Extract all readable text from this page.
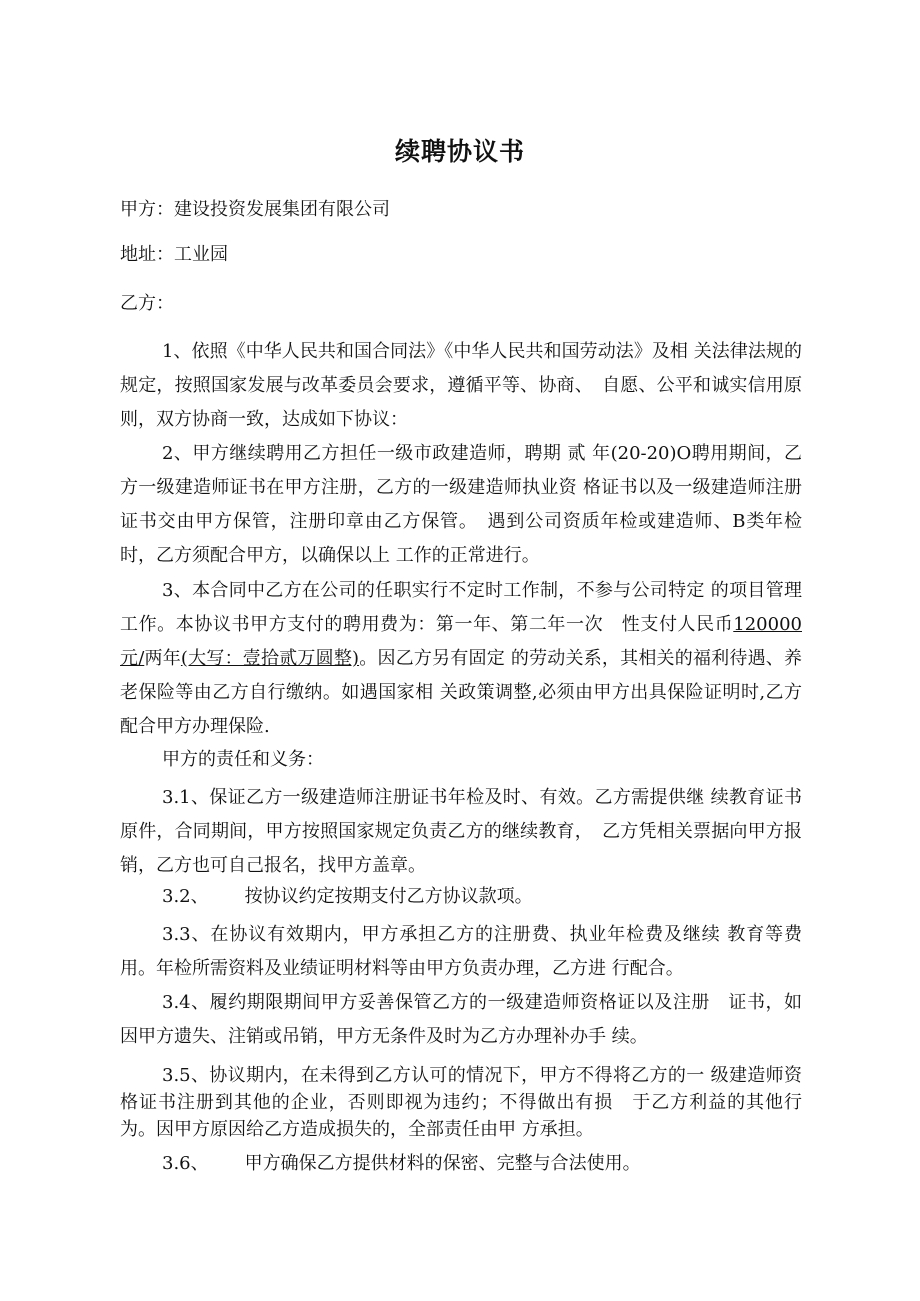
续聘协议书
甲方：建设投资发展集团有限公司
地址：工业园
乙方：
1、依照《中华人民共和国合同法》《中华人民共和国劳动法》及相 关法律法规的规定，按照国家发展与改革委员会要求，遵循平等、协商、　自愿、公平和诚实信用原则，双方协商一致，达成如下协议：
2、甲方继续聘用乙方担任一级市政建造师，聘期 贰 年(20-20)O聘用期间，乙方一级建造师证书在甲方注册，乙方的一级建造师执业资 格证书以及一级建造师注册证书交由甲方保管，注册印章由乙方保管。　遇到公司资质年检或建造师、B类年检时，乙方须配合甲方，以确保以上 工作的正常进行。
3、本合同中乙方在公司的任职实行不定时工作制，不参与公司特定 的项目管理工作。本协议书甲方支付的聘用费为：第一年、第二年一次　性支付人民币120000元/两年(大写：壹拾贰万圆整)。因乙方另有固定 的劳动关系，其相关的福利待遇、养老保险等由乙方自行缴纳。如遇国家相 关政策调整,必须由甲方出具保险证明时,乙方配合甲方办理保险.
甲方的责任和义务：
3.1、保证乙方一级建造师注册证书年检及时、有效。乙方需提供继 续教育证书原件，合同期间，甲方按照国家规定负责乙方的继续教育，　乙方凭相关票据向甲方报销，乙方也可自己报名，找甲方盖章。
3.2、 按协议约定按期支付乙方协议款项。
3.3、在协议有效期内，甲方承担乙方的注册费、执业年检费及继续 教育等费用。年检所需资料及业绩证明材料等由甲方负责办理，乙方进 行配合。
3.4、履约期限期间甲方妥善保管乙方的一级建造师资格证以及注册　证书，如因甲方遗失、注销或吊销，甲方无条件及时为乙方办理补办手 续。
3.5、协议期内，在未得到乙方认可的情况下，甲方不得将乙方的一 级建造师资格证书注册到其他的企业，否则即视为违约；不得做出有损　于乙方利益的其他行为。因甲方原因给乙方造成损失的，全部责任由甲 方承担。
3.6、 甲方确保乙方提供材料的保密、完整与合法使用。
